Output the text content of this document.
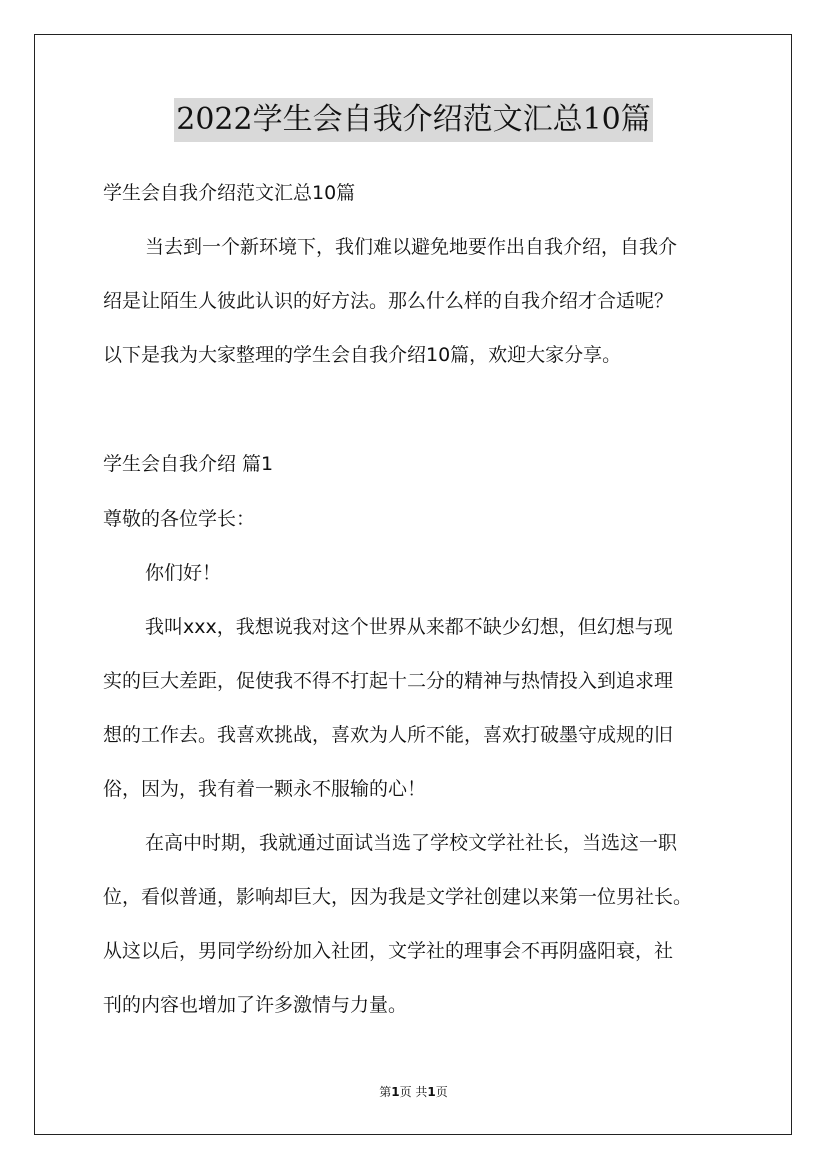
2022学生会自我介绍范文汇总10篇
学生会自我介绍范文汇总10篇
当去到一个新环境下，我们难以避免地要作出自我介绍，自我介
绍是让陌生人彼此认识的好方法。那么什么样的自我介绍才合适呢？
以下是我为大家整理的学生会自我介绍10篇，欢迎大家分享。
学生会自我介绍 篇1
尊敬的各位学长：
你们好！
我叫xxx，我想说我对这个世界从来都不缺少幻想，但幻想与现
实的巨大差距，促使我不得不打起十二分的精神与热情投入到追求理
想的工作去。我喜欢挑战，喜欢为人所不能，喜欢打破墨守成规的旧
俗，因为，我有着一颗永不服输的心！
在高中时期，我就通过面试当选了学校文学社社长，当选这一职
位，看似普通，影响却巨大，因为我是文学社创建以来第一位男社长。
从这以后，男同学纷纷加入社团，文学社的理事会不再阴盛阳衰，社
刊的内容也增加了许多激情与力量。
第1页 共1页
